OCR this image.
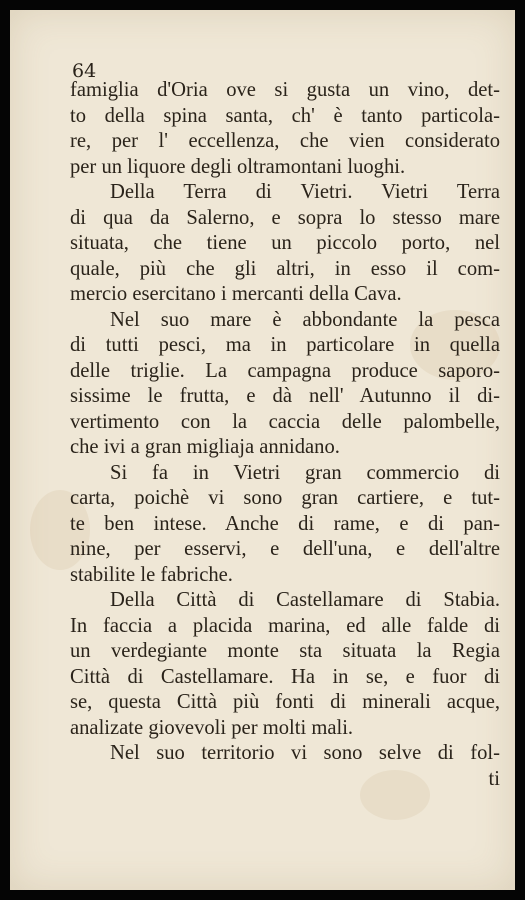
64
famiglia d'Oria ove si gusta un vino, det-
to della spina santa, ch' è tanto particola-
re, per l' eccellenza, che vien considerato
per un liquore degli oltramontani luoghi.
Della Terra di Vietri. Vietri Terra
di qua da Salerno, e sopra lo stesso mare
situata, che tiene un piccolo porto, nel
quale, più che gli altri, in esso il com-
mercio esercitano i mercanti della Cava.
Nel suo mare è abbondante la pesca
di tutti pesci, ma in particolare in quella
delle triglie. La campagna produce saporo-
sissime le frutta, e dà nell' Autunno il di-
vertimento con la caccia delle palombelle,
che ivi a gran migliaja annidano.
Si fa in Vietri gran commercio di
carta, poichè vi sono gran cartiere, e tut-
te ben intese. Anche di rame, e di pan-
nine, per esservi, e dell'una, e dell'altre
stabilite le fabriche.
Della Città di Castellamare di Stabia.
In faccia a placida marina, ed alle falde di
un verdegiante monte sta situata la Regia
Città di Castellamare. Ha in se, e fuor di
se, questa Città più fonti di minerali acque,
analizate giovevoli per molti mali.
Nel suo territorio vi sono selve di fol-
ti
